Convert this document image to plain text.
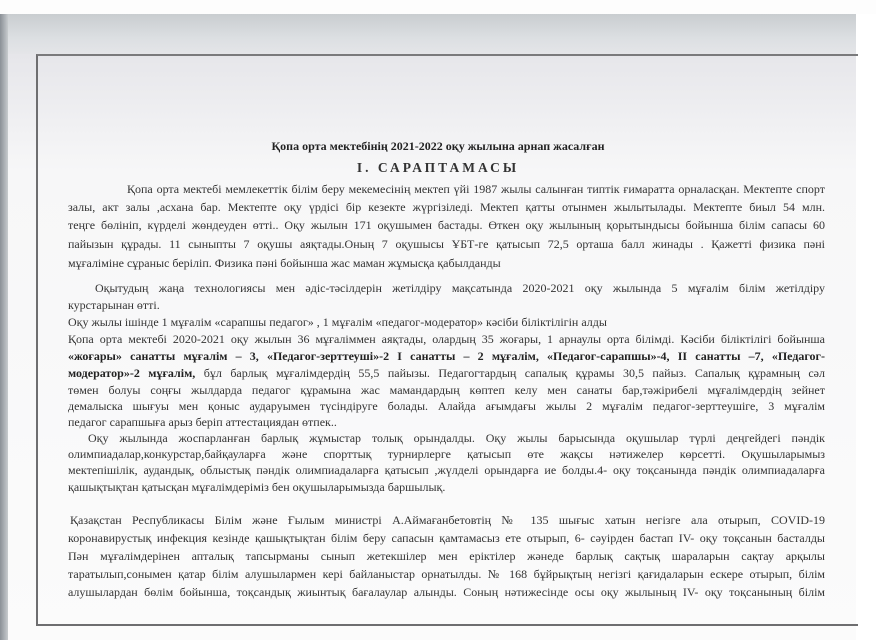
Қопа орта мектебінің 2021-2022 оқу жылына арнап жасалған
I. САРАПТАМАСЫ
Қопа орта мектебі мемлекеттік білім беру мекемесінің мектеп үйі 1987 жылы салынған типтік ғимаратта орналасқан. Мектепте спорт
залы, акт залы ,асхана бар. Мектепте оқу үрдісі бір кезекте жүргізіледі. Мектеп қатты отынмен жылытылады. Мектепте биыл 54 млн.
теңге бөлініп, күрделі жөндеуден өтті.. Оқу жылын 171 оқушымен бастады. Өткен оқу жылының қорытындысы бойынша білім сапасы 60
пайызын құрады. 11 сыныпты 7 оқушы аяқтады.Оның 7 оқушысы ҰБТ-ге қатысып 72,5 орташа балл жинады . Қажетті физика пәні
мұғаліміне сұраныс беріліп. Физика пәні бойынша жас маман жұмысқа қабылданды
Оқытудың жаңа технологиясы мен әдіс-тәсілдерін жетілдіру мақсатында 2020-2021 оқу жылында 5 мұғалім білім жетілдіру
курстарынан өтті.
Оқу жылы ішінде 1 мұғалім «сарапшы педагог» , 1 мұғалім «педагог-модератор» кәсіби біліктілігін алды
Қопа орта мектебі 2020-2021 оқу жылын 36 мұғаліммен аяқтады, олардың 35 жоғары, 1 арнаулы орта білімді. Кәсіби біліктілігі бойынша
«жоғары» санатты мұғалім – 3, «Педагог-зерттеуші»-2 І санатты – 2 мұғалім, «Педагог-сарапшы»-4, ІІ санатты –7, «Педагог-
модератор»-2 мұғалім, бұл барлық мұғалімдердің 55,5 пайызы. Педагогтардың сапалық құрамы 30,5 пайыз. Сапалық құрамның сәл
төмен болуы соңғы жылдарда педагог құрамына жас мамандардың көптеп келу мен санаты бар,тәжірибелі мұғалімдердің зейнет
демалыска шығуы мен қоныс аударуымен түсіндіруге болады. Алайда ағымдағы жылы 2 мұғалім педагог-зерттеушіге, 3 мұғалім
педагог сарапшыға арыз беріп аттестациядан өтпек..
Оқу жылында жоспарланған барлық жұмыстар толық орындалды. Оқу жылы барысында оқушылар түрлі деңгейдегі пәндік
олимпиадалар,конкурстар,байқауларға және спорттық турнирлерге қатысып өте жақсы нәтижелер көрсетті. Оқушыларымыз
мектепішілік, аудандық, облыстық пәндік олимпиадаларға қатысып ,жүлделі орындарға ие болды.4- оқу тоқсанында пәндік олимпиадаларға
қашықтықтан қатысқан мұғалімдеріміз бен оқушыларымызда баршылық.
Қазақстан Республикасы Білім және Ғылым министрі А.Аймағанбетовтің № 135 шығыс хатын негізге ала отырып, COVID-19
коронавирустық инфекция кезінде қашықтықтан білім беру сапасын қамтамасыз ете отырып, 6- сәуірден бастап IV- оқу тоқсанын басталды
Пән мұғалімдерінен апталық тапсырманы сынып жетекшілер мен еріктілер жәнеде барлық сақтық шараларын сақтау арқылы
таратылып,сонымен қатар білім алушылармен кері байланыстар орнатылды. № 168 бұйрықтың негізгі қағидаларын ескере отырып, білім
алушылардан бөлім бойынша, тоқсандық жиынтық бағалаулар алынды. Соның нәтижесінде осы оқу жылының IV- оқу тоқсанының білім
